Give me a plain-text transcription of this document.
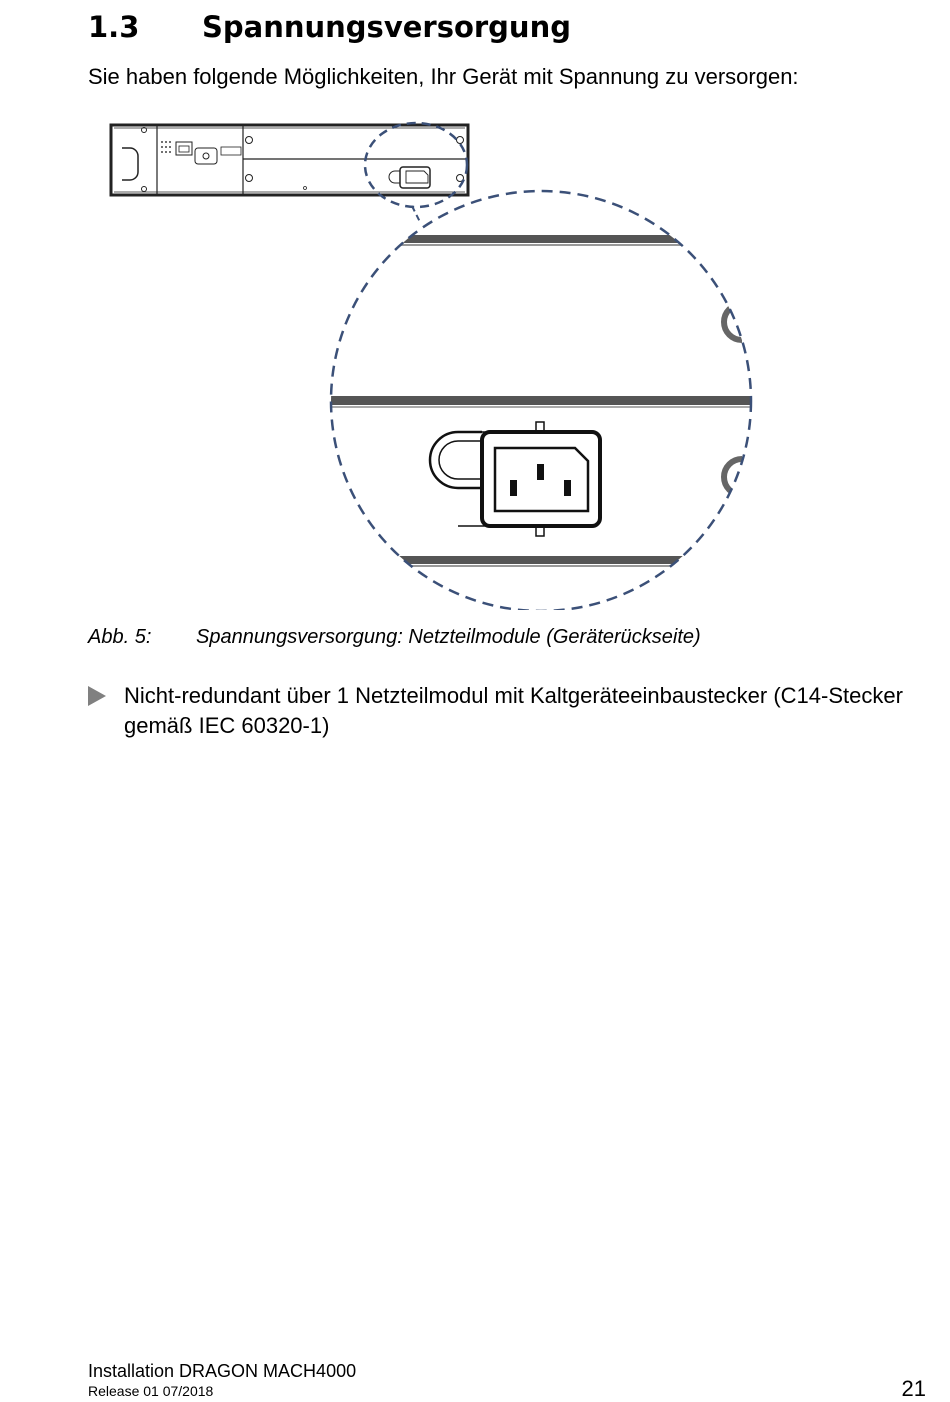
1.3 Spannungsversorgung

Sie haben folgende Möglichkeiten, Ihr Gerät mit Spannung zu versorgen:

Abb. 5: Spannungsversorgung: Netzteilmodule (Geräterückseite)

Nicht-redundant über 1 Netzteilmodul mit Kaltgeräteeinbaustecker (C14-Stecker gemäß IEC 60320-1)
Installation DRAGON MACH4000
Release 01 07/2018	21
